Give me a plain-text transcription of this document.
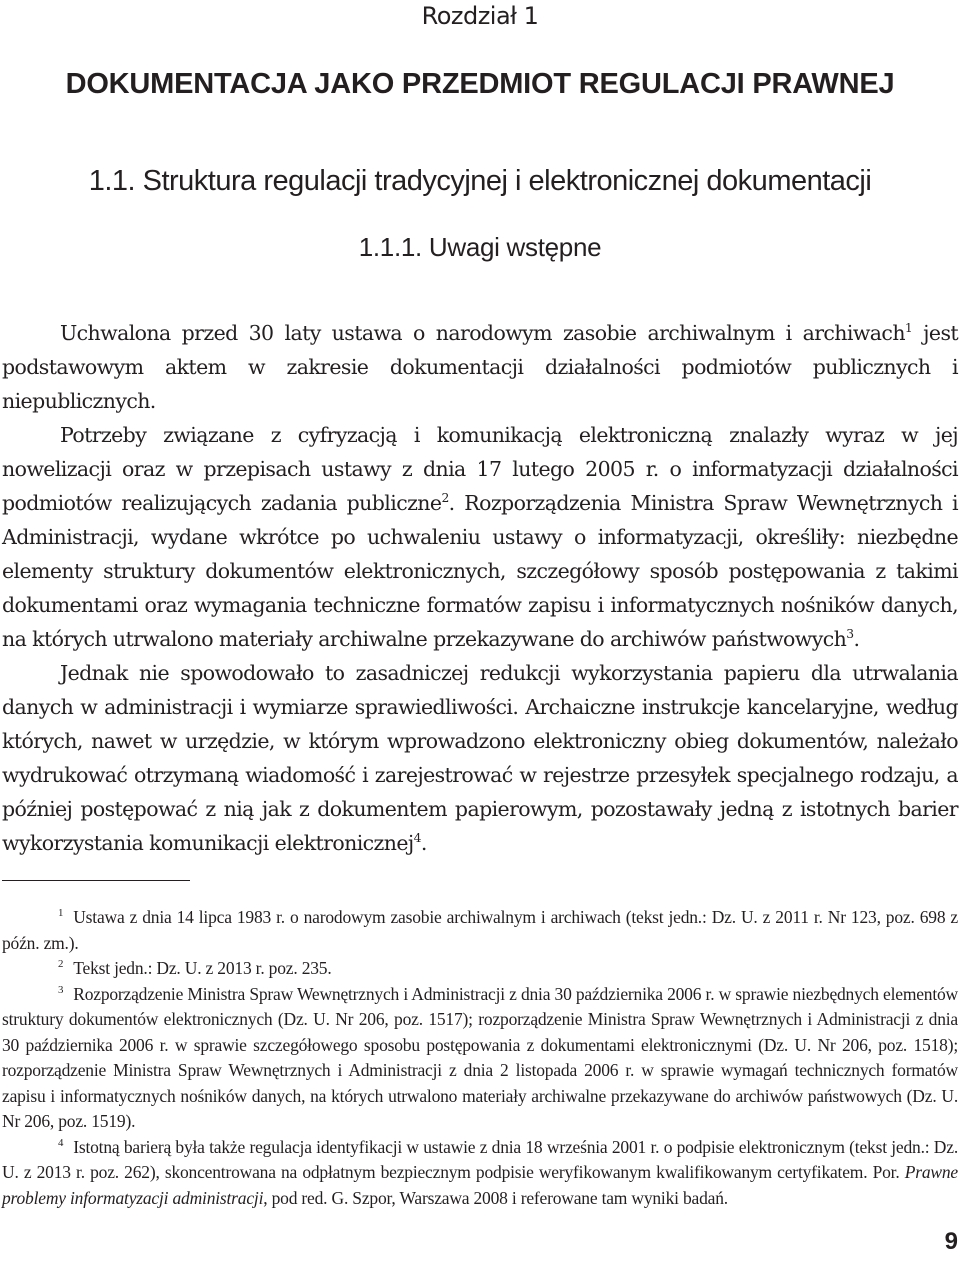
Rozdział 1
DOKUMENTACJA JAKO PRZEDMIOT REGULACJI PRAWNEJ
1.1. Struktura regulacji tradycyjnej i elektronicznej dokumentacji
1.1.1. Uwagi wstępne

Uchwalona przed 30 laty ustawa o narodowym zasobie archiwalnym i archiwach$^1$ jest podstawowym aktem w zakresie dokumentacji działalności podmiotów publicznych i niepublicznych.

Potrzeby związane z cyfryzacją i komunikacją elektroniczną znalazły wyraz w jej nowelizacji oraz w przepisach ustawy z dnia 17 lutego 2005 r. o informatyzacji działalności podmiotów realizujących zadania publiczne$^2$. Rozporządzenia Ministra Spraw Wewnętrznych i Administracji, wydane wkrótce po uchwaleniu ustawy o informatyzacji, określiły: niezbędne elementy struktury dokumentów elektronicznych, szczegółowy sposób postępowania z takimi dokumentami oraz wymagania techniczne formatów zapisu i informatycznych nośników danych, na których utrwalono materiały archiwalne przekazywane do archiwów państwowych$^3$.

Jednak nie spowodowało to zasadniczej redukcji wykorzystania papieru dla utrwalania danych w administracji i wymiarze sprawiedliwości. Archaiczne instrukcje kancelaryjne, według których, nawet w urzędzie, w którym wprowadzono elektroniczny obieg dokumentów, należało wydrukować otrzymaną wiadomość i zarejestrować w rejestrze przesyłek specjalnego rodzaju, a później postępować z nią jak z dokumentem papierowym, pozostawały jedną z istotnych barier wykorzystania komunikacji elektronicznej$^4$.

$^1$ Ustawa z dnia 14 lipca 1983 r. o narodowym zasobie archiwalnym i archiwach (tekst jedn.: Dz. U. z 2011 r. Nr 123, poz. 698 z późn. zm.).

$^2$ Tekst jedn.: Dz. U. z 2013 r. poz. 235.

$^3$ Rozporządzenie Ministra Spraw Wewnętrznych i Administracji z dnia 30 października 2006 r. w sprawie niezbędnych elementów struktury dokumentów elektronicznych (Dz. U. Nr 206, poz. 1517); rozporządzenie Ministra Spraw Wewnętrznych i Administracji z dnia 30 października 2006 r. w sprawie szczegółowego sposobu postępowania z dokumentami elektronicznymi (Dz. U. Nr 206, poz. 1518); rozporządzenie Ministra Spraw Wewnętrznych i Administracji z dnia 2 listopada 2006 r. w sprawie wymagań technicznych formatów zapisu i informatycznych nośników danych, na których utrwalono materiały archiwalne przekazywane do archiwów państwowych (Dz. U. Nr 206, poz. 1519).

$^4$ Istotną barierą była także regulacja identyfikacji w ustawie z dnia 18 września 2001 r. o podpisie elektronicznym (tekst jedn.: Dz. U. z 2013 r. poz. 262), skoncentrowana na odpłatnym bezpiecznym podpisie weryfikowanym kwalifikowanym certyfikatem. Por. Prawne problemy informatyzacji administracji, pod red. G. Szpor, Warszawa 2008 i referowane tam wyniki badań.

9
